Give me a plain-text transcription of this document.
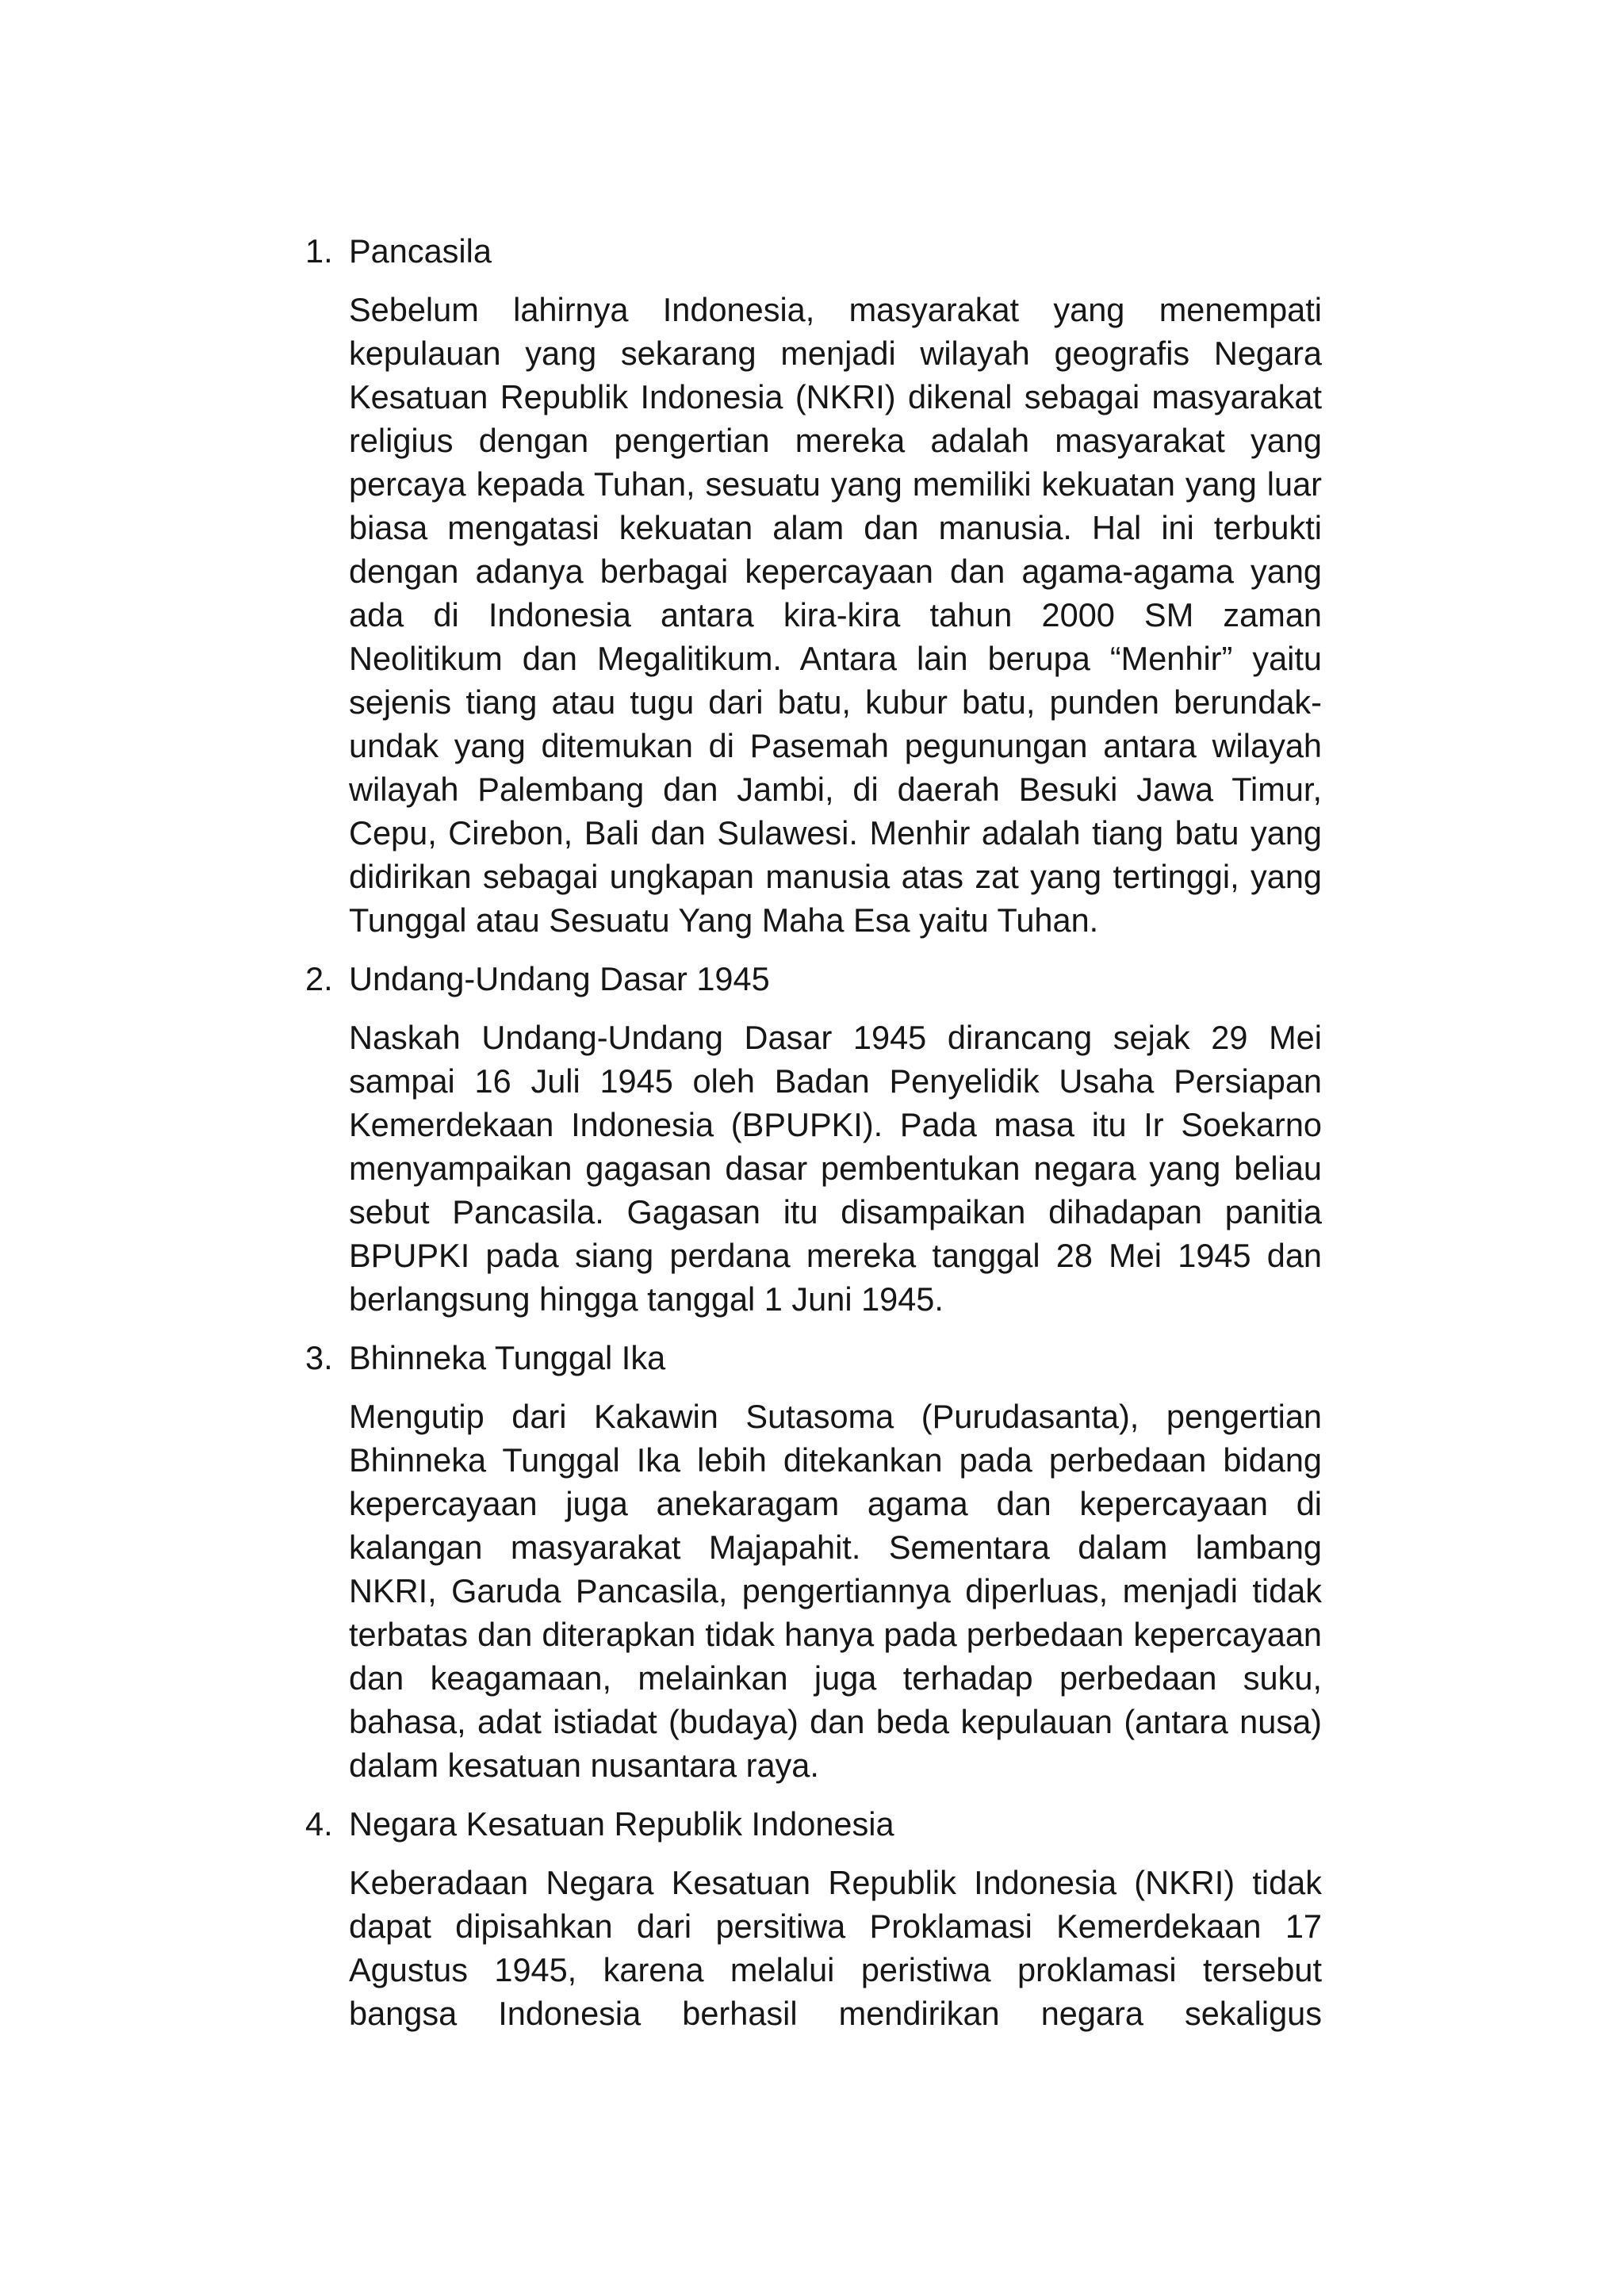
1. Pancasila

Sebelum lahirnya Indonesia, masyarakat yang menempati kepulauan yang sekarang menjadi wilayah geografis Negara Kesatuan Republik Indonesia (NKRI) dikenal sebagai masyarakat religius dengan pengertian mereka adalah masyarakat yang percaya kepada Tuhan, sesuatu yang memiliki kekuatan yang luar biasa mengatasi kekuatan alam dan manusia. Hal ini terbukti dengan adanya berbagai kepercayaan dan agama-agama yang ada di Indonesia antara kira-kira tahun 2000 SM zaman Neolitikum dan Megalitikum. Antara lain berupa “Menhir” yaitu sejenis tiang atau tugu dari batu, kubur batu, punden berundak-undak yang ditemukan di Pasemah pegunungan antara wilayah wilayah Palembang dan Jambi, di daerah Besuki Jawa Timur, Cepu, Cirebon, Bali dan Sulawesi. Menhir adalah tiang batu yang didirikan sebagai ungkapan manusia atas zat yang tertinggi, yang Tunggal atau Sesuatu Yang Maha Esa yaitu Tuhan.

2. Undang-Undang Dasar 1945

Naskah Undang-Undang Dasar 1945 dirancang sejak 29 Mei sampai 16 Juli 1945 oleh Badan Penyelidik Usaha Persiapan Kemerdekaan Indonesia (BPUPKI). Pada masa itu Ir Soekarno menyampaikan gagasan dasar pembentukan negara yang beliau sebut Pancasila. Gagasan itu disampaikan dihadapan panitia BPUPKI pada siang perdana mereka tanggal 28 Mei 1945 dan berlangsung hingga tanggal 1 Juni 1945.

3. Bhinneka Tunggal Ika

Mengutip dari Kakawin Sutasoma (Purudasanta), pengertian Bhinneka Tunggal Ika lebih ditekankan pada perbedaan bidang kepercayaan juga anekaragam agama dan kepercayaan di kalangan masyarakat Majapahit. Sementara dalam lambang NKRI, Garuda Pancasila, pengertiannya diperluas, menjadi tidak terbatas dan diterapkan tidak hanya pada perbedaan kepercayaan dan keagamaan, melainkan juga terhadap perbedaan suku, bahasa, adat istiadat (budaya) dan beda kepulauan (antara nusa) dalam kesatuan nusantara raya.

4. Negara Kesatuan Republik Indonesia

Keberadaan Negara Kesatuan Republik Indonesia (NKRI) tidak dapat dipisahkan dari persitiwa Proklamasi Kemerdekaan 17 Agustus 1945, karena melalui peristiwa proklamasi tersebut bangsa Indonesia berhasil mendirikan negara sekaligus
